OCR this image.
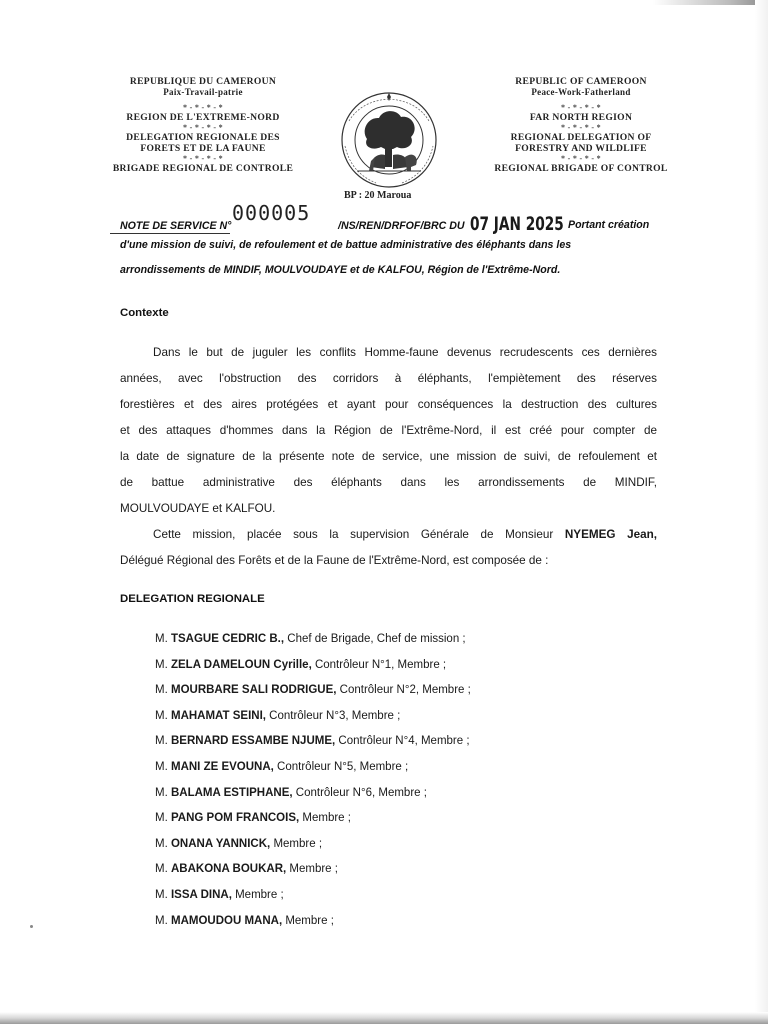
REPUBLIQUE DU CAMEROUN
Paix-Travail-patrie
* - * - * - *
REGION DE L'EXTREME-NORD
* - * - * - *
DELEGATION REGIONALE DES
FORETS ET DE LA FAUNE
* - * - * - *
BRIGADE REGIONAL DE CONTROLE
REPUBLIC OF CAMEROON
Peace-Work-Fatherland
* - * - * - *
FAR NORTH REGION
* - * - * - *
REGIONAL DELEGATION OF
FORESTRY AND WILDLIFE
* - * - * - *
REGIONAL BRIGADE OF CONTROL
BP : 20 Maroua
NOTE DE SERVICE N°
000005
/NS/REN/DRFOF/BRC DU 07 JAN 2025 Portant création
d'une mission de suivi, de refoulement et de battue administrative des éléphants dans les
arrondissements de MINDIF, MOULVOUDAYE et de KALFOU, Région de l'Extrême-Nord.
Contexte
Dans le but de juguler les conflits Homme-faune devenus recrudescents ces dernières
années, avec l'obstruction des corridors à éléphants, l'empiètement des réserves
forestières et des aires protégées et ayant pour conséquences la destruction des cultures
et des attaques d'hommes dans la Région de l'Extrême-Nord, il est créé pour compter de
la date de signature de la présente note de service, une mission de suivi, de refoulement et
de battue administrative des éléphants dans les arrondissements de MINDIF,
MOULVOUDAYE et KALFOU.
Cette mission, placée sous la supervision Générale de Monsieur NYEMEG Jean,
Délégué Régional des Forêts et de la Faune de l'Extrême-Nord, est composée de :
DELEGATION REGIONALE
M. TSAGUE CEDRIC B., Chef de Brigade, Chef de mission ;
M. ZELA DAMELOUN Cyrille, Contrôleur N°1, Membre ;
M. MOURBARE SALI RODRIGUE, Contrôleur N°2, Membre ;
M. MAHAMAT SEINI, Contrôleur N°3, Membre ;
M. BERNARD ESSAMBE NJUME, Contrôleur N°4, Membre ;
M. MANI ZE EVOUNA, Contrôleur N°5, Membre ;
M. BALAMA ESTIPHANE, Contrôleur N°6, Membre ;
M. PANG POM FRANCOIS, Membre ;
M. ONANA YANNICK, Membre ;
M. ABAKONA BOUKAR, Membre ;
M. ISSA DINA, Membre ;
M. MAMOUDOU MANA, Membre ;
